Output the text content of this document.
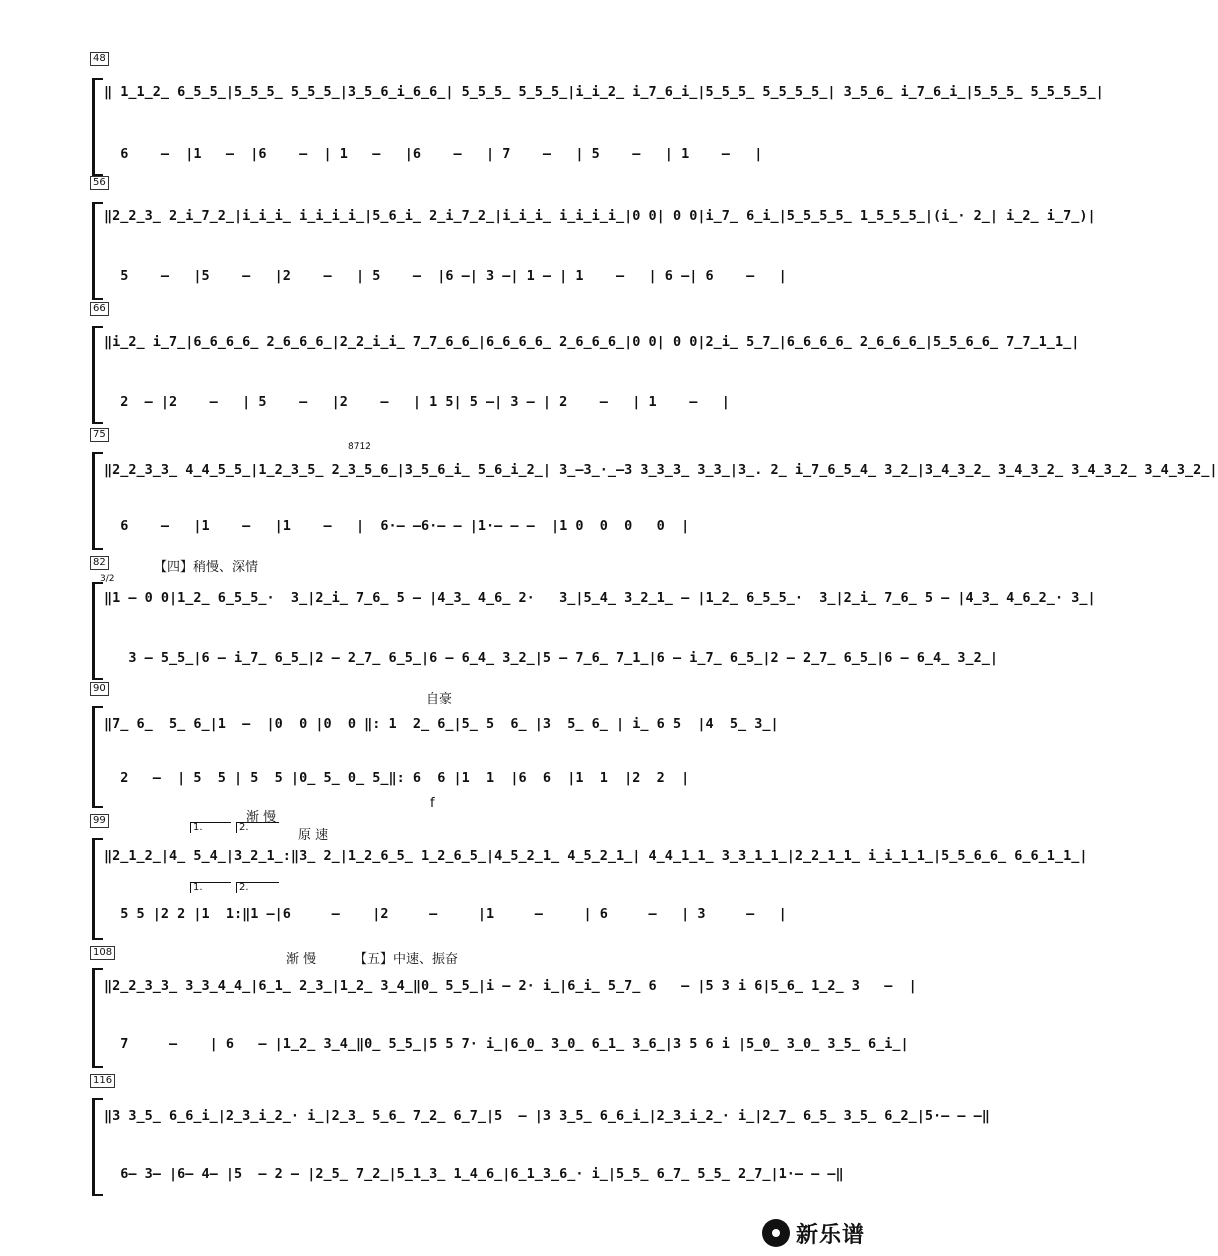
48
‖ 1̲1̲2̲ 6̲5̲5̲|5̲5̲5̲ 5̲5̲5̲|3̲5̲6̲i̲6̲6̲| 5̲5̲5̲ 5̲5̲5̲|i̲i̲2̲ i̲7̲6̲i̲|5̲5̲5̲ 5̲5̲5̲5̲| 3̲5̲6̲ i̲7̲6̲i̲|5̲5̲5̲ 5̲5̲5̲5̲|
6    –  |1   –  |6    –  | 1   –   |6    –   | 7    –   | 5    –   | 1    –   |
56
‖2̲2̲3̲ 2̲i̲7̲2̲|i̲i̲i̲ i̲i̲i̲i̲|5̲6̲i̲ 2̲i̲7̲2̲|i̲i̲i̲ i̲i̲i̲i̲|0 0| 0 0|i̲7̲ 6̲i̲|5̲5̲5̲5̲ 1̲5̲5̲5̲|(i̲· 2̲| i̲2̲ i̲7̲)|
5    –   |5    –   |2    –   | 5    –  |6 –| 3 –| 1 – | 1    –   | 6 –| 6    –   |
66
‖i̲2̲ i̲7̲|6̲6̲6̲6̲ 2̲6̲6̲6̲|2̲2̲i̲i̲ 7̲7̲6̲6̲|6̲6̲6̲6̲ 2̲6̲6̲6̲|0 0| 0 0|2̲i̲ 5̲7̲|6̲6̲6̲6̲ 2̲6̲6̲6̲|5̲5̲6̲6̲ 7̲7̲1̲1̲|
2  – |2    –   | 5    –   |2    –   | 1 5| 5 –| 3 – | 2    –   | 1    –   |
75
8̇7̇1̇2̇
‖2̲2̲3̲3̲ 4̲4̲5̲5̲|1̲2̲3̲5̲ 2̲3̲5̲6̲|3̲5̲6̲i̲ 5̲6̲i̲2̲| 3̲–3̲·̲–3 3̲3̲3̲ 3̲3̲|3̲. 2̲ i̲7̲6̲5̲4̲ 3̲2̲|3̲4̲3̲2̲ 3̲4̲3̲2̲ 3̲4̲3̲2̲ 3̲4̲3̲2̲|
6    –   |1    –   |1    –   |  6·– –6·– – |1·– – –  |1 0  0  0   0  |
82	【四】稍慢、深情
3/2
‖1 – 0 0|1̲2̲ 6̲5̲5̲·  3̲|2̲i̲ 7̲6̲ 5 – |4̲3̲ 4̲6̲ 2·   3̲|5̲4̲ 3̲2̲1̲ – |1̲2̲ 6̲5̲5̲·  3̲|2̲i̲ 7̲6̲ 5 – |4̲3̲ 4̲6̲2̲· 3̲|
3 – 5̲5̲|6 – i̲7̲ 6̲5̲|2 – 2̲7̲ 6̲5̲|6 – 6̲4̲ 3̲2̲|5 – 7̲6̲ 7̲1̲|6 – i̲7̲ 6̲5̲|2 – 2̲7̲ 6̲5̲|6 – 6̲4̲ 3̲2̲|
90
自豪
‖7̲ 6̲  5̲ 6̲|1  –  |0  0 |0  0 ‖: 1  2̲ 6̲|5̲ 5  6̲ |3  5̲ 6̲ | i̲ 6 5  |4  5̲ 3̲|
2   –  | 5  5 | 5  5 |0̲ 5̲ 0̲ 5̲‖: 6  6 |1  1  |6  6  |1  1  |2  2  |
f
99	渐 慢
1.	2.
原 速
‖2̲1̲2̲|4̲ 5̲4̲|3̲2̲1̲:‖3̲ 2̲|1̲2̲6̲5̲ 1̲2̲6̲5̲|4̲5̲2̲1̲ 4̲5̲2̲1̲| 4̲4̲1̲1̲ 3̲3̲1̲1̲|2̲2̲1̲1̲ i̲i̲1̲1̲|5̲5̲6̲6̲ 6̲6̲1̲1̲|
1.	2.
5 5 |2 2 |1  1:‖1 –|6     –    |2     –     |1     –     | 6     –   | 3     –   |
108	渐 慢	【五】中速、振奋
‖2̲2̲3̲3̲ 3̲3̲4̲4̲|6̲1̲ 2̲3̲|1̲2̲ 3̲4̲‖0̲ 5̲5̲|i – 2· i̲|6̲i̲ 5̲7̲ 6   – |5 3 i 6|5̲6̲ 1̲2̲ 3   –  |
7     –    | 6   – |1̲2̲ 3̲4̲‖0̲ 5̲5̲|5 5 7· i̲|6̲0̲ 3̲0̲ 6̲1̲ 3̲6̲|3 5 6 i |5̲0̲ 3̲0̲ 3̲5̲ 6̲i̲|
116
‖3 3̲5̲ 6̲6̲i̲|2̲3̲i̲2̲· i̲|2̲3̲ 5̲6̲ 7̲2̲ 6̲7̲|5  – |3 3̲5̲ 6̲6̲i̲|2̲3̲i̲2̲· i̲|2̲7̲ 6̲5̲ 3̲5̲ 6̲2̲|5·– – –‖
6– 3– |6– 4– |5  – 2 – |2̲5̲ 7̲2̲|5̲1̲3̲ 1̲4̲6̲|6̲1̲3̲6̲· i̲|5̲5̲ 6̲7̲ 5̲5̲ 2̲7̲|1·– – –‖
新乐谱
